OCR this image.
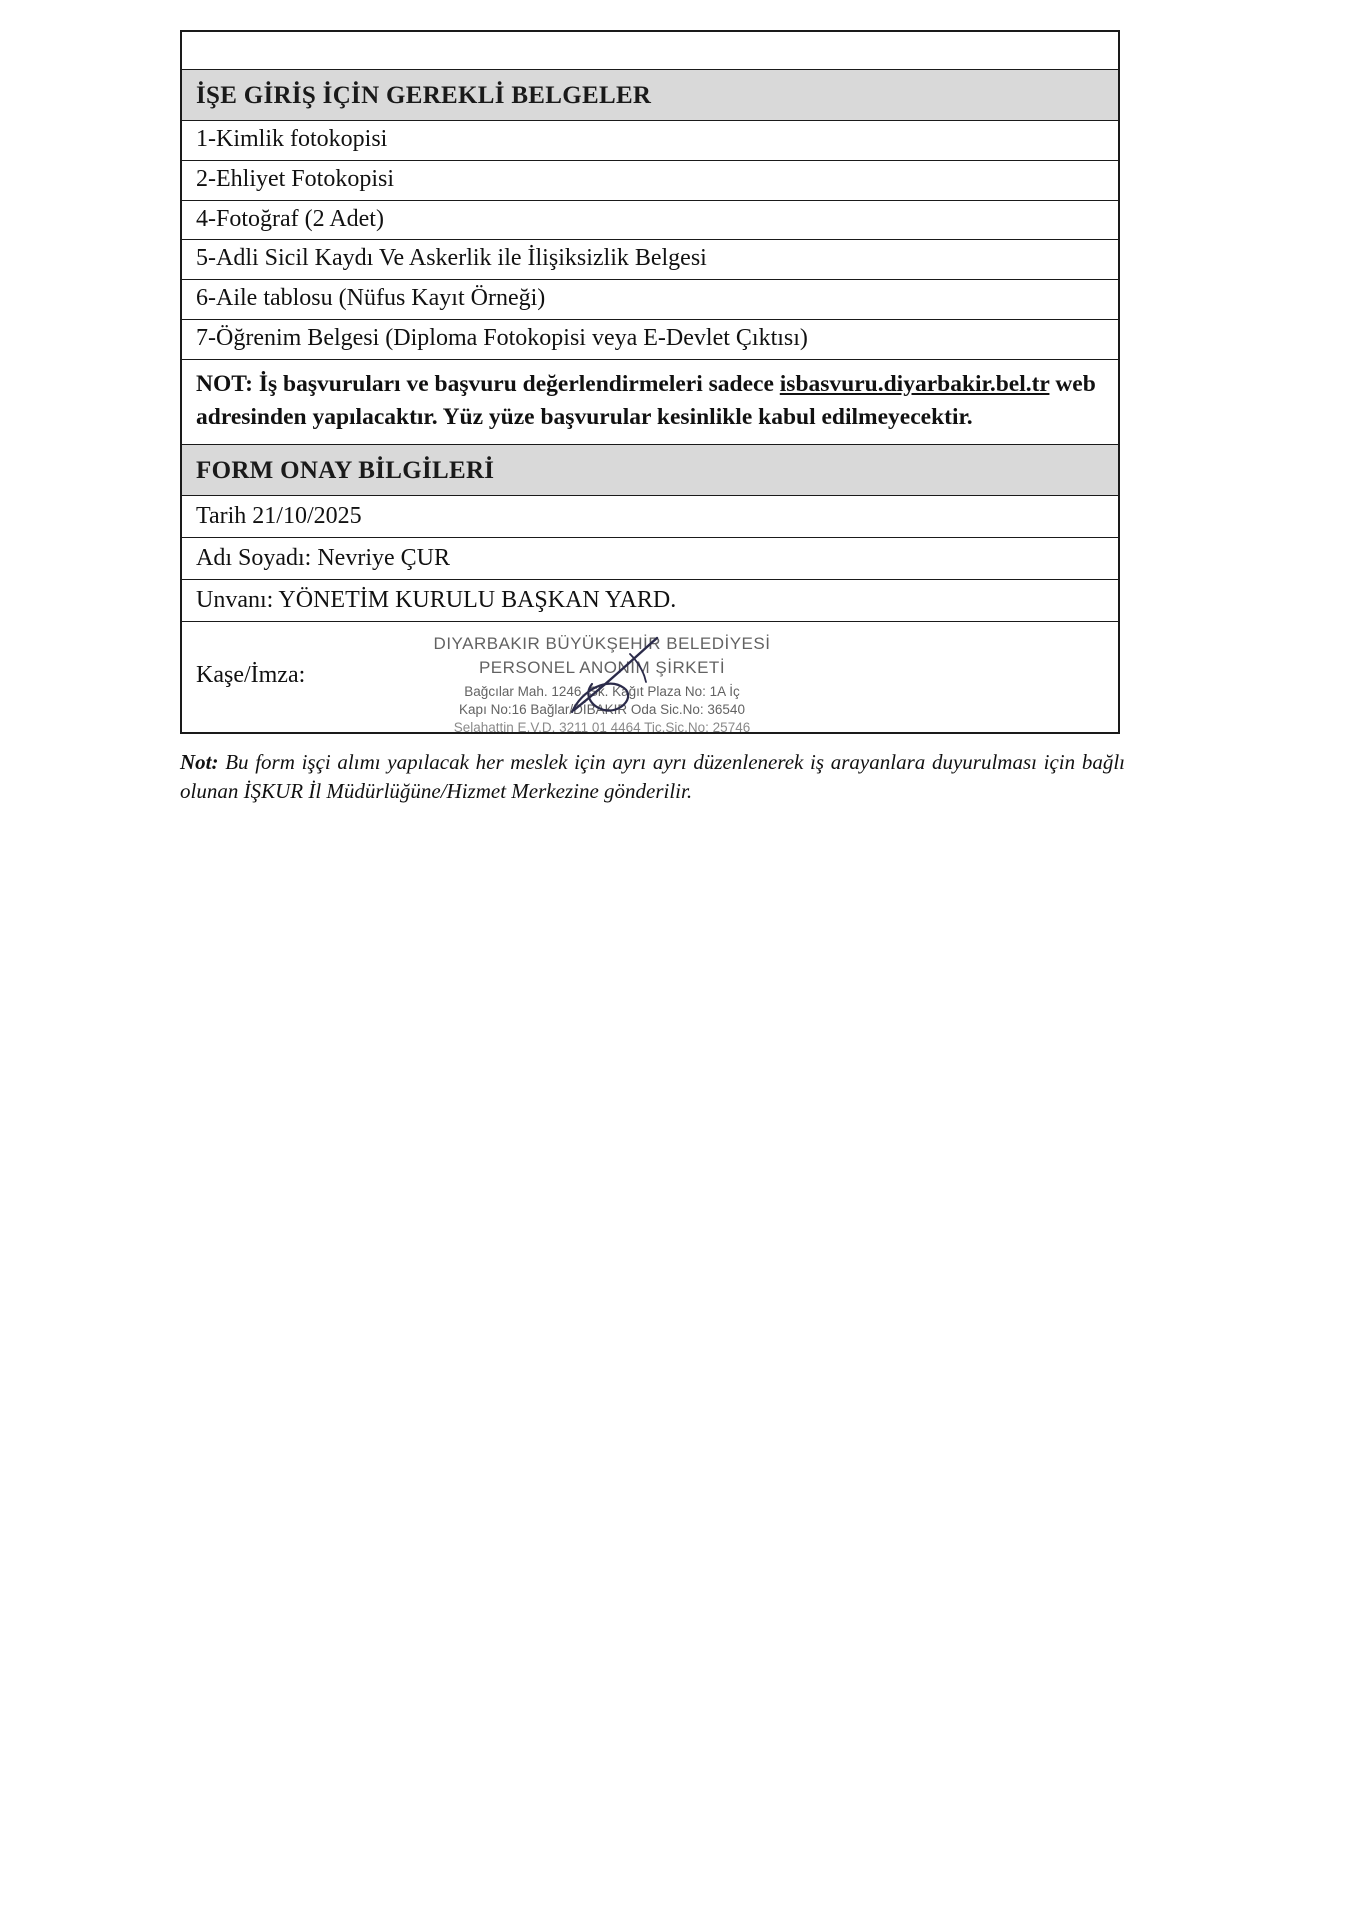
İŞE GİRİŞ İÇİN GEREKLİ BELGELER
1-Kimlik fotokopisi
2-Ehliyet Fotokopisi
4-Fotoğraf (2 Adet)
5-Adli Sicil Kaydı Ve Askerlik ile İlişiksizlik Belgesi
6-Aile tablosu (Nüfus Kayıt Örneği)
7-Öğrenim Belgesi (Diploma Fotokopisi veya E-Devlet Çıktısı)
NOT: İş başvuruları ve başvuru değerlendirmeleri sadece isbasvuru.diyarbakir.bel.tr web adresinden yapılacaktır. Yüz yüze başvurular kesinlikle kabul edilmeyecektir.
FORM ONAY BİLGİLERİ
Tarih 21/10/2025
Adı Soyadı: Nevriye ÇUR
Unvanı: YÖNETİM KURULU BAŞKAN YARD.
Kaşe/İmza:
DIYARBAKIR BÜYÜKŞEHİR BELEDİYESİ
PERSONEL ANONİM ŞİRKETİ
Bağcılar Mah. 1246. Sk. Kağıt Plaza No: 1A İç
Kapı No:16 Bağlar/DİBAKIR Oda Sic.No: 36540
Selahattin E.V.D. 3211 01 4464 Tic.Sic.No: 25746
Not: Bu form işçi alımı yapılacak her meslek için ayrı ayrı düzenlenerek iş arayanlara duyurulması için bağlı olunan İŞKUR İl Müdürlüğüne/Hizmet Merkezine gönderilir.
